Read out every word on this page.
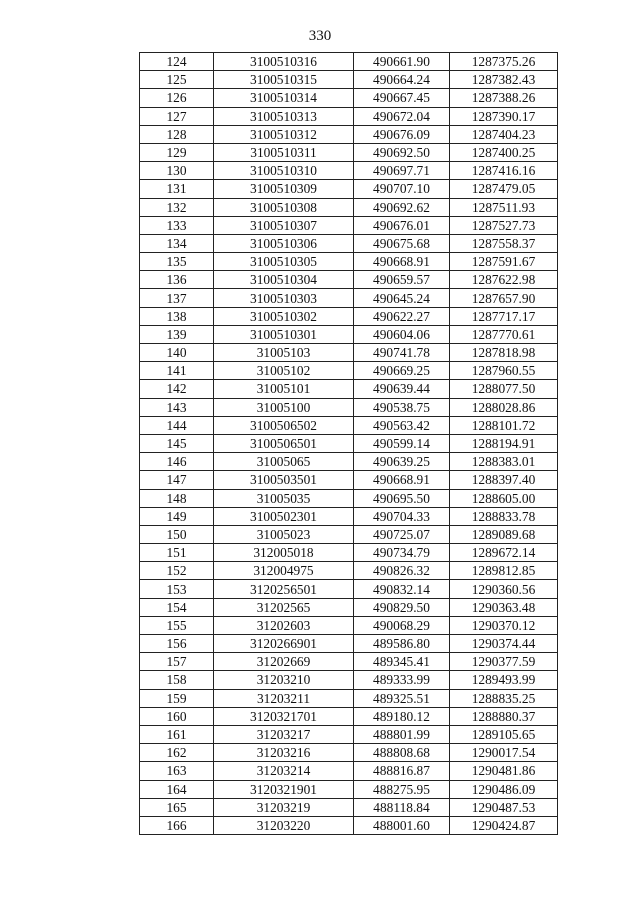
330
124	3100510316	490661.90	1287375.26
125	3100510315	490664.24	1287382.43
126	3100510314	490667.45	1287388.26
127	3100510313	490672.04	1287390.17
128	3100510312	490676.09	1287404.23
129	3100510311	490692.50	1287400.25
130	3100510310	490697.71	1287416.16
131	3100510309	490707.10	1287479.05
132	3100510308	490692.62	1287511.93
133	3100510307	490676.01	1287527.73
134	3100510306	490675.68	1287558.37
135	3100510305	490668.91	1287591.67
136	3100510304	490659.57	1287622.98
137	3100510303	490645.24	1287657.90
138	3100510302	490622.27	1287717.17
139	3100510301	490604.06	1287770.61
140	31005103	490741.78	1287818.98
141	31005102	490669.25	1287960.55
142	31005101	490639.44	1288077.50
143	31005100	490538.75	1288028.86
144	3100506502	490563.42	1288101.72
145	3100506501	490599.14	1288194.91
146	31005065	490639.25	1288383.01
147	3100503501	490668.91	1288397.40
148	31005035	490695.50	1288605.00
149	3100502301	490704.33	1288833.78
150	31005023	490725.07	1289089.68
151	312005018	490734.79	1289672.14
152	312004975	490826.32	1289812.85
153	3120256501	490832.14	1290360.56
154	31202565	490829.50	1290363.48
155	31202603	490068.29	1290370.12
156	3120266901	489586.80	1290374.44
157	31202669	489345.41	1290377.59
158	31203210	489333.99	1289493.99
159	31203211	489325.51	1288835.25
160	3120321701	489180.12	1288880.37
161	31203217	488801.99	1289105.65
162	31203216	488808.68	1290017.54
163	31203214	488816.87	1290481.86
164	3120321901	488275.95	1290486.09
165	31203219	488118.84	1290487.53
166	31203220	488001.60	1290424.87
